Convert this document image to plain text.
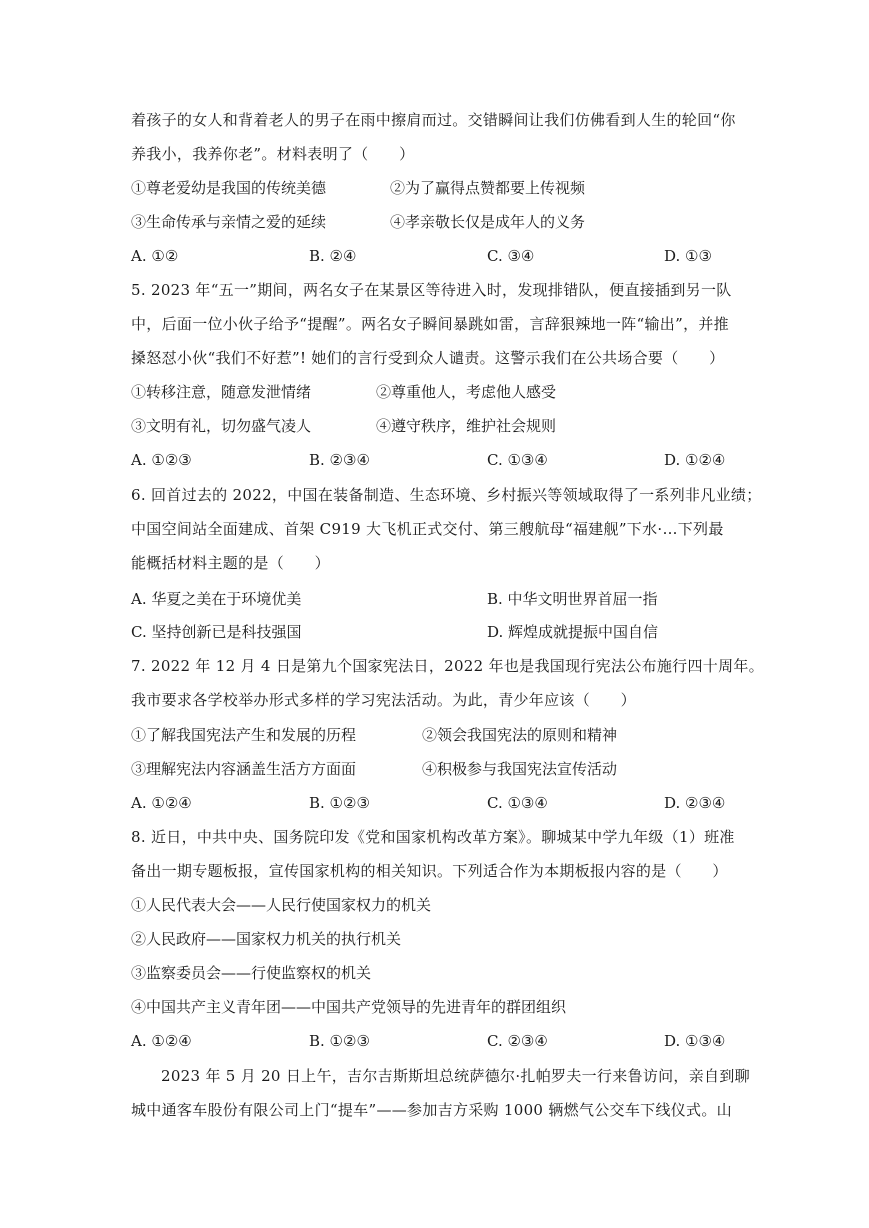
着孩子的女人和背着老人的男子在雨中擦肩而过。交错瞬间让我们仿佛看到人生的轮回“你
养我小，我养你老”。材料表明了（　　）
①尊老爱幼是我国的传统美德	②为了赢得点赞都要上传视频
③生命传承与亲情之爱的延续	④孝亲敬长仅是成年人的义务
A. ①②	B. ②④	C. ③④	D. ①③
5. 2023 年“五一”期间，两名女子在某景区等待进入时，发现排错队，便直接插到另一队
中，后面一位小伙子给予“提醒”。两名女子瞬间暴跳如雷，言辞狠辣地一阵“输出”，并推
搡怒怼小伙“我们不好惹”! 她们的言行受到众人谴责。这警示我们在公共场合要（　　）
①转移注意，随意发泄情绪	②尊重他人，考虑他人感受
③文明有礼，切勿盛气凌人	④遵守秩序，维护社会规则
A. ①②③	B. ②③④	C. ①③④	D. ①②④
6. 回首过去的 2022，中国在装备制造、生态环境、乡村振兴等领域取得了一系列非凡业绩；
中国空间站全面建成、首架 C919 大飞机正式交付、第三艘航母“福建舰”下水·…下列最
能概括材料主题的是（　　）
A. 华夏之美在于环境优美	B. 中华文明世界首屈一指
C. 坚持创新已是科技强国	D. 辉煌成就提振中国自信
7. 2022 年 12 月 4 日是第九个国家宪法日，2022 年也是我国现行宪法公布施行四十周年。
我市要求各学校举办形式多样的学习宪法活动。为此，青少年应该（　　）
①了解我国宪法产生和发展的历程	②领会我国宪法的原则和精神
③理解宪法内容涵盖生活方方面面	④积极参与我国宪法宣传活动
A. ①②④	B. ①②③	C. ①③④	D. ②③④
8. 近日，中共中央、国务院印发《党和国家机构改革方案》。聊城某中学九年级（1）班准
备出一期专题板报，宣传国家机构的相关知识。下列适合作为本期板报内容的是（　　）
①人民代表大会——人民行使国家权力的机关
②人民政府——国家权力机关的执行机关
③监察委员会——行使监察权的机关
④中国共产主义青年团——中国共产党领导的先进青年的群团组织
A. ①②④	B. ①②③	C. ②③④	D. ①③④
2023 年 5 月 20 日上午，吉尔吉斯斯坦总统萨德尔·扎帕罗夫一行来鲁访问，亲自到聊
城中通客车股份有限公司上门“提车”——参加吉方采购 1000 辆燃气公交车下线仪式。山
